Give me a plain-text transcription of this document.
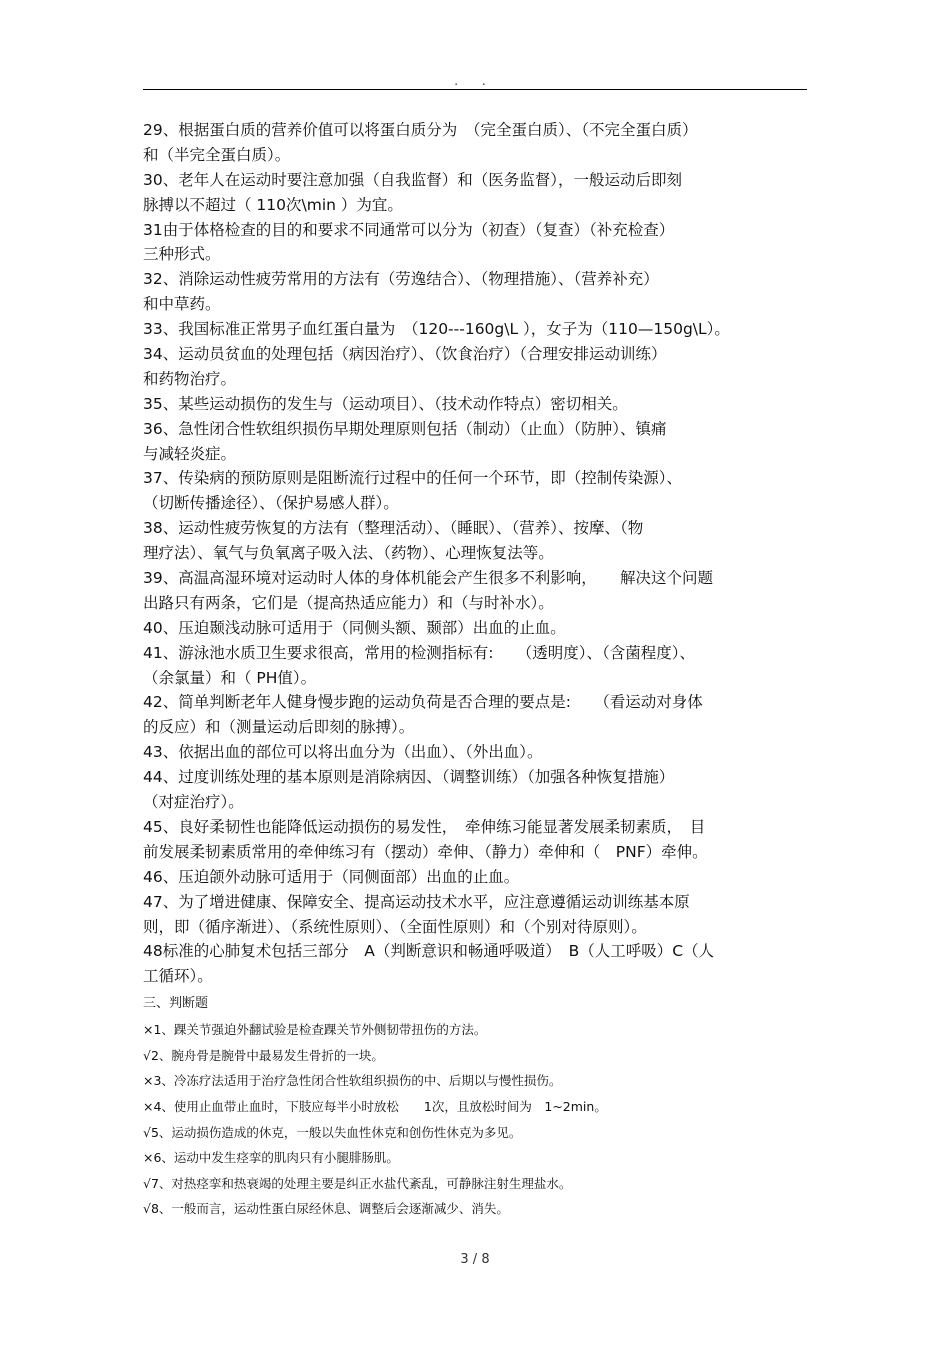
. .
29、根据蛋白质的营养价值可以将蛋白质分为　（完全蛋白质）、（不完全蛋白质）
和（半完全蛋白质）。
30、老年人在运动时要注意加强（自我监督）和（医务监督），一般运动后即刻
脉搏以不超过（ 110次\min ）为宜。
31由于体格检查的目的和要求不同通常可以分为（初查）（复查）（补充检查）
三种形式。
32、消除运动性疲劳常用的方法有（劳逸结合）、（物理措施）、（营养补充）
和中草药。
33、我国标准正常男子血红蛋白量为　（120---160g\L ），女子为（110—150g\L）。
34、运动员贫血的处理包括（病因治疗）、（饮食治疗）（合理安排运动训练）
和药物治疗。
35、某些运动损伤的发生与（运动项目）、（技术动作特点）密切相关。
36、急性闭合性软组织损伤早期处理原则包括（制动）（止血）（防肿）、镇痛
与减轻炎症。
37、传染病的预防原则是阻断流行过程中的任何一个环节，即（控制传染源）、
（切断传播途径）、（保护易感人群）。
38、运动性疲劳恢复的方法有（整理活动）、（睡眠）、（营养）、按摩、（物
理疗法）、氧气与负氧离子吸入法、（药物）、心理恢复法等。
39、高温高湿环境对运动时人体的身体机能会产生很多不利影响，　　解决这个问题
出路只有两条，它们是（提高热适应能力）和（与时补水）。
40、压迫颞浅动脉可适用于（同侧头额、颞部）出血的止血。
41、游泳池水质卫生要求很高，常用的检测指标有:　　（透明度）、（含菌程度）、
（余氯量）和（ PH值）。
42、简单判断老年人健身慢步跑的运动负荷是否合理的要点是:　　（看运动对身体
的反应）和（测量运动后即刻的脉搏）。
43、依据出血的部位可以将出血分为（出血）、（外出血）。
44、过度训练处理的基本原则是消除病因、（调整训练）（加强各种恢复措施）
（对症治疗）。
45、良好柔韧性也能降低运动损伤的易发性，　牵伸练习能显著发展柔韧素质，　目
前发展柔韧素质常用的牵伸练习有（摆动）牵伸、（静力）牵伸和（　PNF）牵伸。
46、压迫颌外动脉可适用于（同侧面部）出血的止血。
47、为了增进健康、保障安全、提高运动技术水平，应注意遵循运动训练基本原
则，即（循序渐进）、（系统性原则）、（全面性原则）和（个别对待原则）。
48标准的心肺复术包括三部分　A（判断意识和畅通呼吸道）　B（人工呼吸）C（人
工循环）。
三、判断题
×1、踝关节强迫外翻试验是检查踝关节外侧韧带扭伤的方法。
√2、腕舟骨是腕骨中最易发生骨折的一块。
×3、冷冻疗法适用于治疗急性闭合性软组织损伤的中、后期以与慢性损伤。
×4、使用止血带止血时，下肢应每半小时放松　　1次，且放松时间为　1~2min。
√5、运动损伤造成的休克，一般以失血性休克和创伤性休克为多见。
×6、运动中发生痉挛的肌肉只有小腿腓肠肌。
√7、对热痉挛和热衰竭的处理主要是纠正水盐代紊乱，可静脉注射生理盐水。
√8、一般而言，运动性蛋白尿经休息、调整后会逐渐减少、消失。
3 / 8
